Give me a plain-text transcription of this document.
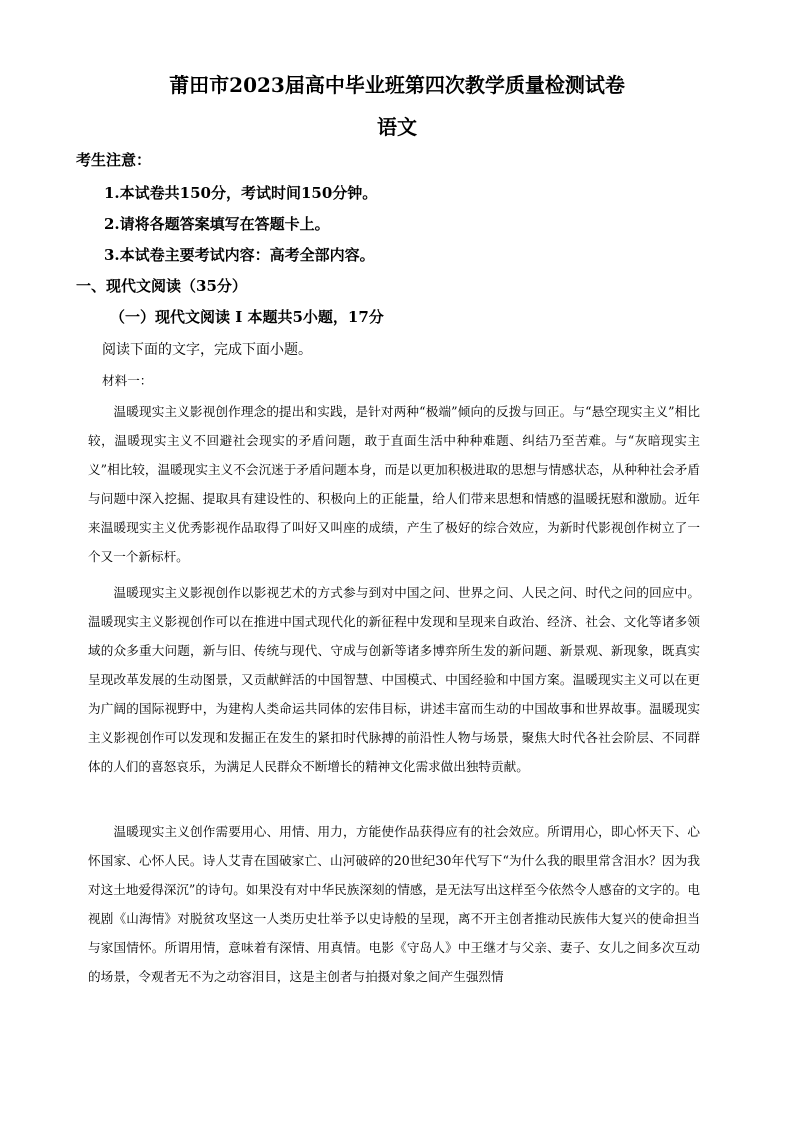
莆田市2023届高中毕业班第四次教学质量检测试卷
语文
考生注意：
1.本试卷共150分，考试时间150分钟。
2.请将各题答案填写在答题卡上。
3.本试卷主要考试内容：高考全部内容。
一、现代文阅读（35分）
（一）现代文阅读 I 本题共5小题，17分
阅读下面的文字，完成下面小题。
材料一：

温暖现实主义影视创作理念的提出和实践，是针对两种“极端”倾向的反拨与回正。与“悬空现实主义”相比较，温暖现实主义不回避社会现实的矛盾问题，敢于直面生活中种种难题、纠结乃至苦难。与“灰暗现实主义”相比较，温暖现实主义不会沉迷于矛盾问题本身，而是以更加积极进取的思想与情感状态，从种种社会矛盾与问题中深入挖掘、提取具有建设性的、积极向上的正能量，给人们带来思想和情感的温暖抚慰和激励。近年来温暖现实主义优秀影视作品取得了叫好又叫座的成绩，产生了极好的综合效应，为新时代影视创作树立了一个又一个新标杆。

温暖现实主义影视创作以影视艺术的方式参与到对中国之问、世界之问、人民之问、时代之问的回应中。温暖现实主义影视创作可以在推进中国式现代化的新征程中发现和呈现来自政治、经济、社会、文化等诸多领域的众多重大问题，新与旧、传统与现代、守成与创新等诸多博弈所生发的新问题、新景观、新现象，既真实呈现改革发展的生动图景，又贡献鲜活的中国智慧、中国模式、中国经验和中国方案。温暖现实主义可以在更为广阔的国际视野中，为建构人类命运共同体的宏伟目标，讲述丰富而生动的中国故事和世界故事。温暖现实主义影视创作可以发现和发掘正在发生的紧扣时代脉搏的前沿性人物与场景，聚焦大时代各社会阶层、不同群体的人们的喜怒哀乐，为满足人民群众不断增长的精神文化需求做出独特贡献。

温暖现实主义创作需要用心、用情、用力，方能使作品获得应有的社会效应。所谓用心，即心怀天下、心怀国家、心怀人民。诗人艾青在国破家亡、山河破碎的20世纪30年代写下“为什么我的眼里常含泪水？因为我对这土地爱得深沉”的诗句。如果没有对中华民族深刻的情感，是无法写出这样至今依然令人感奋的文字的。电视剧《山海情》对脱贫攻坚这一人类历史壮举予以史诗般的呈现，离不开主创者推动民族伟大复兴的使命担当与家国情怀。所谓用情，意味着有深情、用真情。电影《守岛人》中王继才与父亲、妻子、女儿之间多次互动的场景，令观者无不为之动容泪目，这是主创者与拍摄对象之间产生强烈情
